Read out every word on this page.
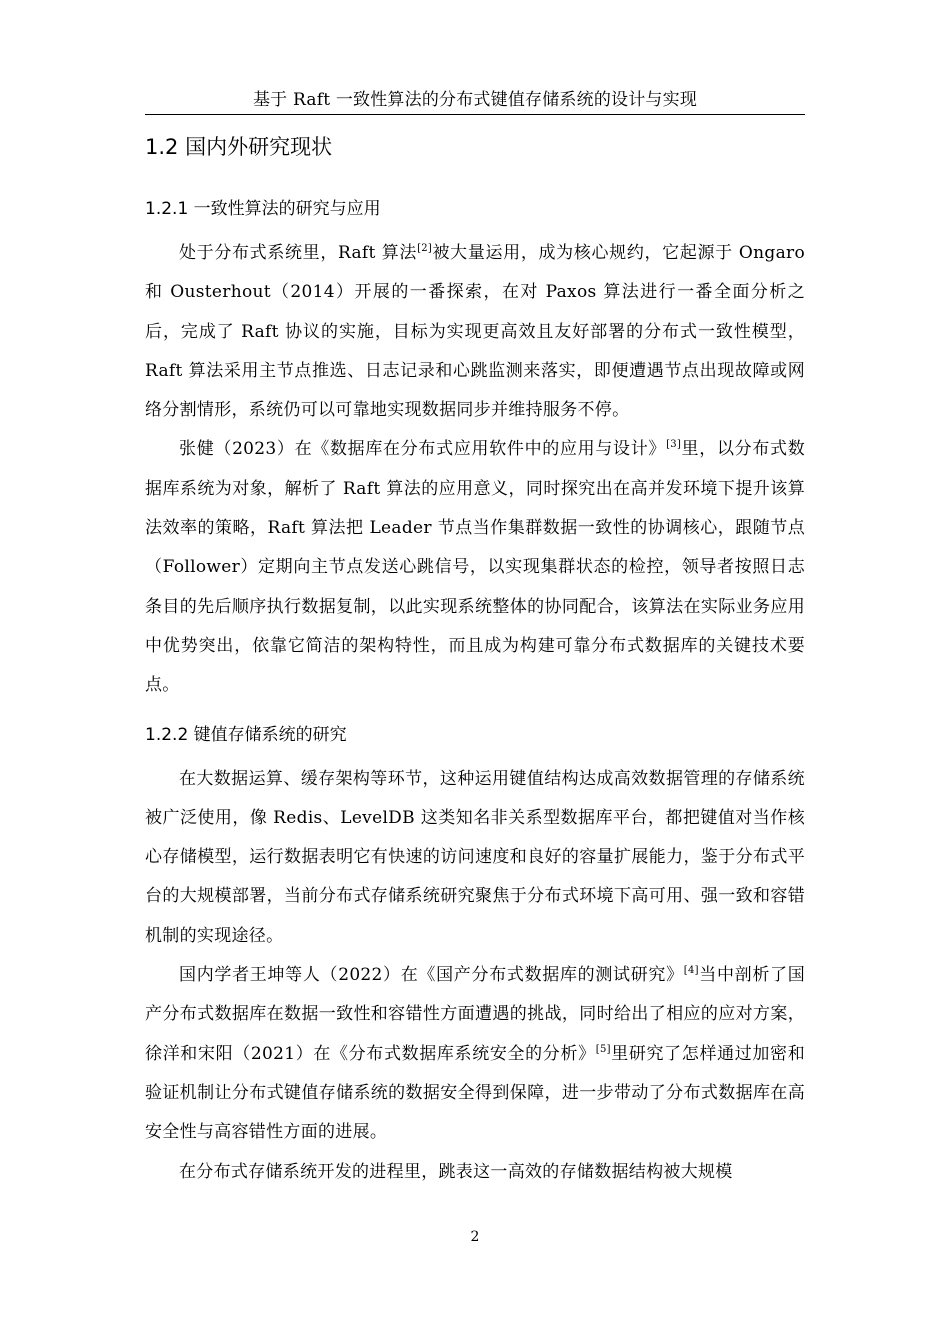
基于 Raft 一致性算法的分布式键值存储系统的设计与实现
1.2 国内外研究现状
1.2.1 一致性算法的研究与应用

处于分布式系统里，Raft 算法[2]被大量运用，成为核心规约，它起源于 Ongaro 和 Ousterhout（2014）开展的一番探索，在对 Paxos 算法进行一番全面分析之后，完成了 Raft 协议的实施，目标为实现更高效且友好部署的分布式一致性模型，Raft 算法采用主节点推选、日志记录和心跳监测来落实，即便遭遇节点出现故障或网络分割情形，系统仍可以可靠地实现数据同步并维持服务不停。

张健（2023）在《数据库在分布式应用软件中的应用与设计》[3]里，以分布式数据库系统为对象，解析了 Raft 算法的应用意义，同时探究出在高并发环境下提升该算法效率的策略，Raft 算法把 Leader 节点当作集群数据一致性的协调核心，跟随节点（Follower）定期向主节点发送心跳信号，以实现集群状态的检控，领导者按照日志条目的先后顺序执行数据复制，以此实现系统整体的协同配合，该算法在实际业务应用中优势突出，依靠它简洁的架构特性，而且成为构建可靠分布式数据库的关键技术要点。

1.2.2 键值存储系统的研究

在大数据运算、缓存架构等环节，这种运用键值结构达成高效数据管理的存储系统被广泛使用，像 Redis、LevelDB 这类知名非关系型数据库平台，都把键值对当作核心存储模型，运行数据表明它有快速的访问速度和良好的容量扩展能力，鉴于分布式平台的大规模部署，当前分布式存储系统研究聚焦于分布式环境下高可用、强一致和容错机制的实现途径。

国内学者王坤等人（2022）在《国产分布式数据库的测试研究》[4]当中剖析了国产分布式数据库在数据一致性和容错性方面遭遇的挑战，同时给出了相应的应对方案，徐洋和宋阳（2021）在《分布式数据库系统安全的分析》[5]里研究了怎样通过加密和验证机制让分布式键值存储系统的数据安全得到保障，进一步带动了分布式数据库在高安全性与高容错性方面的进展。

在分布式存储系统开发的进程里，跳表这一高效的存储数据结构被大规模

2
